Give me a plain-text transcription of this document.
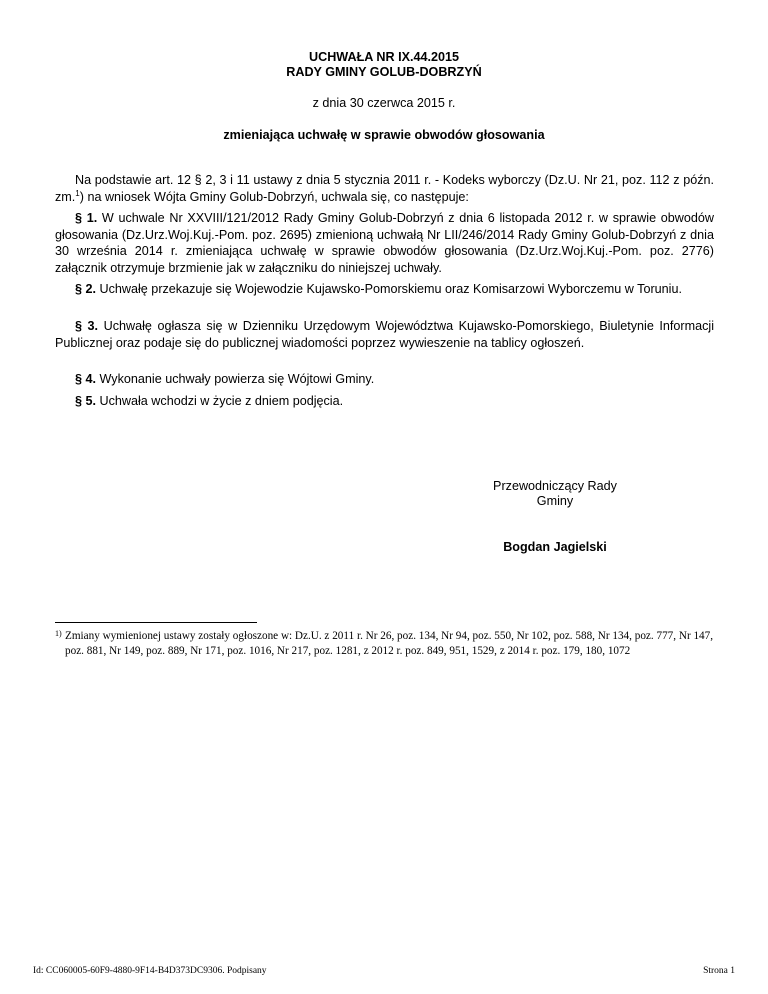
UCHWAŁA NR IX.44.2015
RADY GMINY GOLUB-DOBRZYŃ
z dnia 30 czerwca 2015 r.
zmieniająca uchwałę w sprawie obwodów głosowania
Na podstawie art. 12 § 2, 3 i 11 ustawy z dnia 5 stycznia 2011 r. - Kodeks wyborczy (Dz.U. Nr 21, poz. 112 z późn. zm.$^1$) na wniosek Wójta Gminy Golub-Dobrzyń, uchwala się, co następuje:
§ 1. W uchwale Nr XXVIII/121/2012 Rady Gminy Golub-Dobrzyń z dnia 6 listopada 2012 r. w sprawie obwodów głosowania (Dz.Urz.Woj.Kuj.-Pom. poz. 2695) zmienioną uchwałą Nr LII/246/2014 Rady Gminy Golub-Dobrzyń z dnia 30 września 2014 r. zmieniająca uchwałę w sprawie obwodów głosowania (Dz.Urz.Woj.Kuj.-Pom. poz. 2776) załącznik otrzymuje brzmienie jak w załączniku do niniejszej uchwały.
§ 2. Uchwałę przekazuje się Wojewodzie Kujawsko-Pomorskiemu oraz Komisarzowi Wyborczemu w Toruniu.
§ 3. Uchwałę ogłasza się w Dzienniku Urzędowym Województwa Kujawsko-Pomorskiego, Biuletynie Informacji Publicznej oraz podaje się do publicznej wiadomości poprzez wywieszenie na tablicy ogłoszeń.
§ 4. Wykonanie uchwały powierza się Wójtowi Gminy.
§ 5. Uchwała wchodzi w życie z dniem podjęcia.
Przewodniczący Rady
Gminy
Bogdan Jagielski
1) Zmiany wymienionej ustawy zostały ogłoszone w: Dz.U. z 2011 r. Nr 26, poz. 134, Nr 94, poz. 550, Nr 102, poz. 588, Nr 134, poz. 777, Nr 147, poz. 881, Nr 149, poz. 889, Nr 171, poz. 1016, Nr 217, poz. 1281, z 2012 r. poz. 849, 951, 1529, z 2014 r. poz. 179, 180, 1072
Id: CC060005-60F9-4880-9F14-B4D373DC9306. Podpisany	Strona 1
